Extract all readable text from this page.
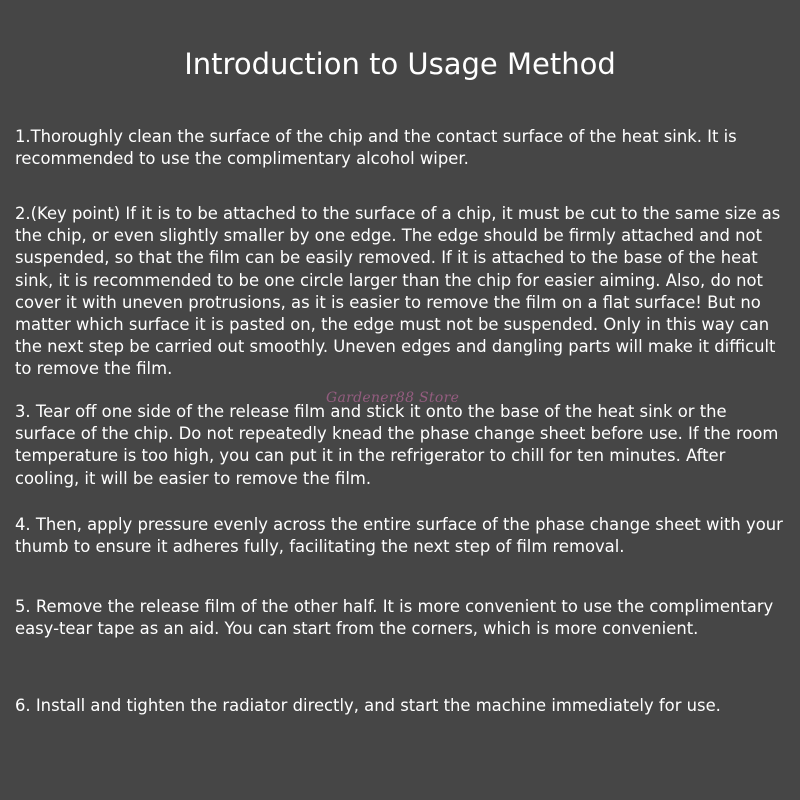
Introduction to Usage Method

1.Thoroughly clean the surface of the chip and the contact surface of the heat sink. It is recommended to use the complimentary alcohol wiper.

2.(Key point) If it is to be attached to the surface of a chip, it must be cut to the same size as the chip, or even slightly smaller by one edge. The edge should be firmly attached and not suspended, so that the film can be easily removed. If it is attached to the base of the heat sink, it is recommended to be one circle larger than the chip for easier aiming. Also, do not cover it with uneven protrusions, as it is easier to remove the film on a flat surface! But no matter which surface it is pasted on, the edge must not be suspended. Only in this way can the next step be carried out smoothly. Uneven edges and dangling parts will make it difficult to remove the film.

3. Tear off one side of the release film and stick it onto the base of the heat sink or the surface of the chip. Do not repeatedly knead the phase change sheet before use. If the room temperature is too high, you can put it in the refrigerator to chill for ten minutes. After cooling, it will be easier to remove the film.

4. Then, apply pressure evenly across the entire surface of the phase change sheet with your thumb to ensure it adheres fully, facilitating the next step of film removal.

5. Remove the release film of the other half. It is more convenient to use the complimentary easy-tear tape as an aid. You can start from the corners, which is more convenient.

6. Install and tighten the radiator directly, and start the machine immediately for use.

Gardener88 Store
